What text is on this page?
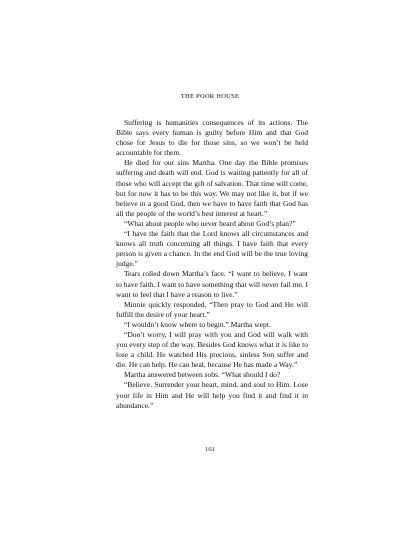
THE POOR HOUSE

Suffering is humanities consequences of its actions. The Bible says every human is guilty before Him and that God chose for Jesus to die for those sins, so we won’t be held accountable for them.

He died for our sins Martha. One day the Bible promises suffering and death will end. God is waiting patiently for all of those who will accept the gift of salvation. That time will come, but for now it has to be this way. We may not like it, but if we believe in a good God, then we have to have faith that God has all the people of the world’s best interest at heart.”

“What about people who never heard about God’s plan?”

“I have the faith that the Lord knows all circumstances and knows all truth concerning all things. I have faith that every person is given a chance. In the end God will be the true loving judge.”

Tears rolled down Martha’s face. “I want to believe, I want to have faith. I want to have something that will never fail me. I want to feel that I have a reason to live.”

Minnie quickly responded, “Then pray to God and He will fulfill the desire of your heart.”

“I wouldn’t know where to begin.” Martha wept.

“Don’t worry, I will pray with you and God will walk with you every step of the way. Besides God knows what it is like to lose a child. He watched His precious, sinless Son suffer and die. He can help. He can heal, because He has made a Way.”

Martha answered between sobs. “What should I do?

“Believe. Surrender your heart, mind, and soul to Him. Lose your life in Him and He will help you find it and find it in abundance.”

161
